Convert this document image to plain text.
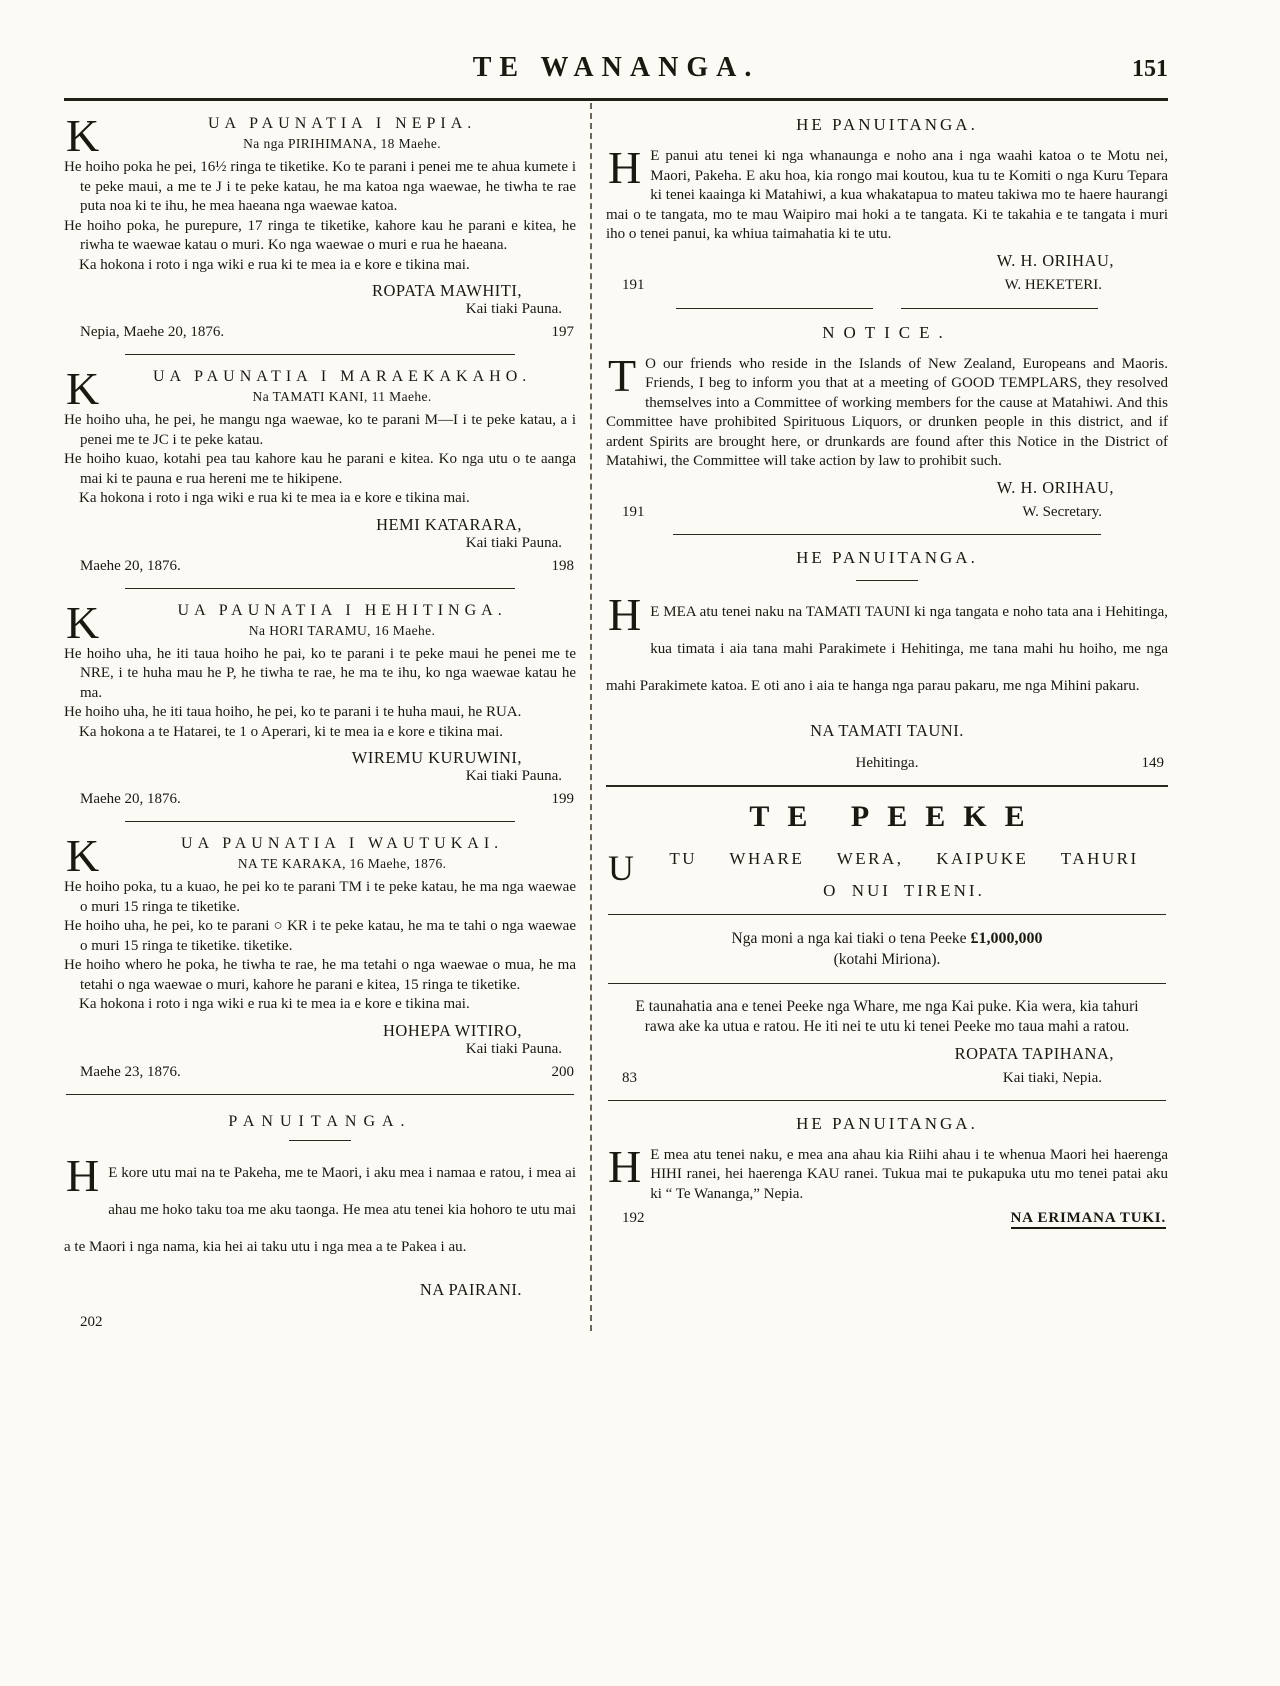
TE WANANGA.	151
K	UA PAUNATIA I NEPIA.
Na nga PIRIHIMANA, 18 Maehe.

He hoiho poka he pei, 16½ ringa te tiketike. Ko te parani i penei me te ahua kumete i te peke maui, a me te J i te peke katau, he ma katoa nga waewae, he tiwha te rae puta noa ki te ihu, he mea haeana nga waewae katoa.

He hoiho poka, he purepure, 17 ringa te tiketike, kahore kau he parani e kitea, he riwha te waewae katau o muri. Ko nga waewae o muri e rua he haeana.

Ka hokona i roto i nga wiki e rua ki te mea ia e kore e tikina mai.

ROPATA MAWHITI,
Kai tiaki Pauna.
Nepia, Maehe 20, 1876.	197
K	UA PAUNATIA I MARAEKAKAHO.
Na TAMATI KANI, 11 Maehe.

He hoiho uha, he pei, he mangu nga waewae, ko te parani M—I i te peke katau, a i penei me te JC i te peke katau.

He hoiho kuao, kotahi pea tau kahore kau he parani e kitea. Ko nga utu o te aanga mai ki te pauna e rua hereni me te hikipene.

Ka hokona i roto i nga wiki e rua ki te mea ia e kore e tikina mai.

HEMI KATARARA,
Kai tiaki Pauna.
Maehe 20, 1876.	198
K	UA PAUNATIA I HEHITINGA.
Na HORI TARAMU, 16 Maehe.

He hoiho uha, he iti taua hoiho he pai, ko te parani i te peke maui he penei me te NRE, i te huha mau he P, he tiwha te rae, he ma te ihu, ko nga waewae katau he ma.

He hoiho uha, he iti taua hoiho, he pei, ko te parani i te huha maui, he RUA.

Ka hokona a te Hatarei, te 1 o Aperari, ki te mea ia e kore e tikina mai.

WIREMU KURUWINI,
Kai tiaki Pauna.
Maehe 20, 1876.	199
K	UA PAUNATIA I WAUTUKAI.
NA TE KARAKA, 16 Maehe, 1876.

He hoiho poka, tu a kuao, he pei ko te parani TM i te peke katau, he ma nga waewae o muri 15 ringa te tiketike.

He hoiho uha, he pei, ko te parani ○ KR i te peke katau, he ma te tahi o nga waewae o muri 15 ringa te tiketike. tiketike.

He hoiho whero he poka, he tiwha te rae, he ma tetahi o nga waewae o mua, he ma tetahi o nga waewae o muri, kahore he parani e kitea, 15 ringa te tiketike.

Ka hokona i roto i nga wiki e rua ki te mea ia e kore e tikina mai.

HOHEPA WITIRO,
Kai tiaki Pauna.
Maehe 23, 1876.	200
PANUITANGA.

H E kore utu mai na te Pakeha, me te Maori, i aku mea i namaa e ratou, i mea ai ahau me hoko taku toa me aku taonga. He mea atu tenei kia hohoro te utu mai a te Maori i nga nama, kia hei ai taku utu i nga mea a te Pakea i au.

NA PAIRANI.
202
HE PANUITANGA.

H E panui atu tenei ki nga whanaunga e noho ana i nga waahi katoa o te Motu nei, Maori, Pakeha. E aku hoa, kia rongo mai koutou, kua tu te Komiti o nga Kuru Tepara ki tenei kaainga ki Matahiwi, a kua whakatapua to mateu takiwa mo te haere haurangi mai o te tangata, mo te mau Waipiro mai hoki a te tangata. Ki te takahia e te tangata i muri iho o tenei panui, ka whiua taimahatia ki te utu.

W. H. ORIHAU,
191	W. HEKETERI.
NOTICE.

T O our friends who reside in the Islands of New Zealand, Europeans and Maoris. Friends, I beg to inform you that at a meeting of GOOD TEMPLARS, they resolved themselves into a Committee of working members for the cause at Matahiwi. And this Committee have prohibited Spirituous Liquors, or drunken people in this district, and if ardent Spirits are brought here, or drunkards are found after this Notice in the District of Matahiwi, the Committee will take action by law to prohibit such.

W. H. ORIHAU,
191	W. Secretary.
HE PANUITANGA.

H E MEA atu tenei naku na TAMATI TAUNI ki nga tangata e noho tata ana i Hehitinga, kua timata i aia tana mahi Parakimete i Hehitinga, me tana mahi hu hoiho, me nga mahi Parakimete katoa. E oti ano i aia te hanga nga parau pakaru, me nga Mihini pakaru.

NA TAMATI TAUNI.
Hehitinga.	149
TE PEEKE
U	TU WHARE WERA, KAIPUKE TAHURI
O NUI TIRENI.

Nga moni a nga kai tiaki o tena Peeke £1,000,000
(kotahi Miriona).

E taunahatia ana e tenei Peeke nga Whare, me nga Kai puke. Kia wera, kia tahuri rawa ake ka utua e ratou. He iti nei te utu ki tenei Peeke mo taua mahi a ratou.

ROPATA TAPIHANA,
83	Kai tiaki, Nepia.
HE PANUITANGA.

H E mea atu tenei naku, e mea ana ahau kia Riihi ahau i te whenua Maori hei haerenga HIHI ranei, hei haerenga KAU ranei. Tukua mai te pukapuka utu mo tenei patai aku ki “ Te Wananga,” Nepia.

192	NA ERIMANA TUKI.
